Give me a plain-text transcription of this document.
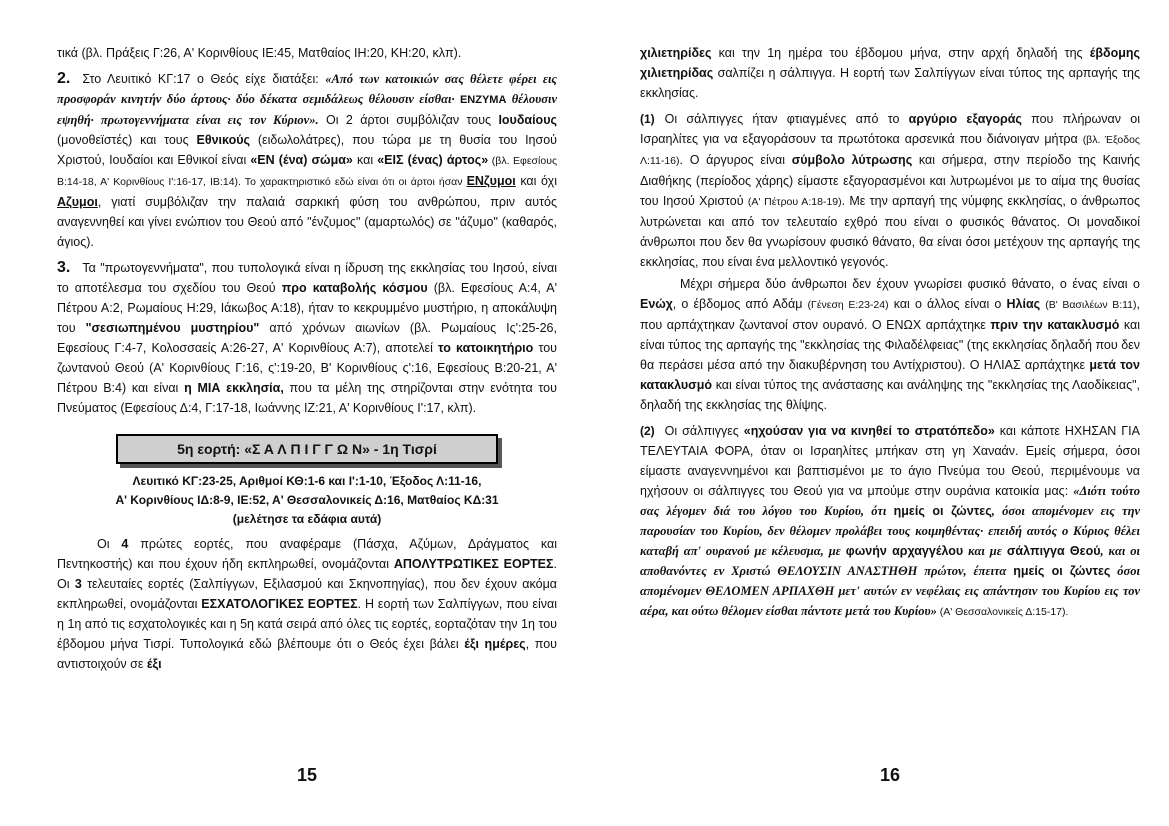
τικά (βλ. Πράξεις Γ:26, Α' Κορινθίους ΙΕ:45, Ματθαίος ΙΗ:20, ΚΗ:20, κλπ).

2. Στο Λευιτικό ΚΓ:17 ο Θεός είχε διατάξει: «Από των κατοικιών σας θέλετε φέρει εις προσφοράν κινητήν δύο άρτους· δύο δέκατα σεμιδάλεως θέλουσιν είσθαι· ΕΝΖΥΜΑ θέλουσιν εψηθή· πρωτογεννήματα είναι εις τον Κύριον». Οι 2 άρτοι συμβόλιζαν τους Ιουδαίους (μονοθεϊστές) και τους Εθνικούς (ειδωλολάτρες), που τώρα με τη θυσία του Ιησού Χριστού, Ιουδαίοι και Εθνικοί είναι «ΕΝ (ένα) σώμα» και «ΕΙΣ (ένας) άρτος» (βλ. Εφεσίους Β:14-18, Α' Κορινθίους Ι':16-17, ΙΒ:14). Το χαρακτηριστικό εδώ είναι ότι οι άρτοι ήσαν ΕΝζυμοι και όχι Αζυμοι, γιατί συμβόλιζαν την παλαιά σαρκική φύση του ανθρώπου, πριν αυτός αναγεννηθεί και γίνει ενώπιον του Θεού από "ένζυμος" (αμαρτωλός) σε "άζυμο" (καθαρός, άγιος).

3. Τα "πρωτογεννήματα", που τυπολογικά είναι η ίδρυση της εκκλησίας του Ιησού, είναι το αποτέλεσμα του σχεδίου του Θεού προ καταβολής κόσμου (βλ. Εφεσίους Α:4, Α' Πέτρου Α:2, Ρωμαίους Η:29, Ιάκωβος Α:18), ήταν το κεκρυμμένο μυστήριο, η αποκάλυψη του "σεσιωπημένου μυστηρίου" από χρόνων αιωνίων (βλ. Ρωμαίους Ις':25-26, Εφεσίους Γ:4-7, Κολοσσαείς Α:26-27, Α' Κορινθίους Α:7), αποτελεί το κατοικητήριο του ζωντανού Θεού (Α' Κορινθίους Γ:16, ς':19-20, Β' Κορινθίους ς':16, Εφεσίους Β:20-21, Α' Πέτρου Β:4) και είναι η ΜΙΑ εκκλησία, που τα μέλη της στηρίζονται στην ενότητα του Πνεύματος (Εφεσίους Δ:4, Γ:17-18, Ιωάννης ΙΖ:21, Α' Κορινθίους Ι':17, κλπ).

5η εορτή: «Σ Α Λ Π Ι Γ Γ Ω Ν» - 1η Τισρί
Λευιτικό ΚΓ:23-25, Αριθμοί ΚΘ:1-6 και Ι':1-10, Έξοδος Λ:11-16,
Α' Κορινθίους ΙΔ:8-9, ΙΕ:52, Α' Θεσσαλονικείς Δ:16, Ματθαίος ΚΔ:31
(μελέτησε τα εδάφια αυτά)

Οι 4 πρώτες εορτές, που αναφέραμε (Πάσχα, Αζύμων, Δράγματος και Πεντηκοστής) και που έχουν ήδη εκπληρωθεί, ονομάζονται ΑΠΟΛΥΤΡΩΤΙΚΕΣ ΕΟΡΤΕΣ. Οι 3 τελευταίες εορτές (Σαλπίγγων, Εξιλασμού και Σκηνοπηγίας), που δεν έχουν ακόμα εκπληρωθεί, ονομάζονται ΕΣΧΑΤΟΛΟΓΙΚΕΣ ΕΟΡΤΕΣ. Η εορτή των Σαλπίγγων, που είναι η 1η από τις εσχατολογικές και η 5η κατά σειρά από όλες τις εορτές, εορταζόταν την 1η του έβδομου μήνα Τισρί. Τυπολογικά εδώ βλέπουμε ότι ο Θεός έχει βάλει έξι ημέρες, που αντιστοιχούν σε έξι

15

χιλιετηρίδες και την 1η ημέρα του έβδομου μήνα, στην αρχή δηλαδή της έβδομης χιλιετηρίδας σαλπίζει η σάλπιγγα. Η εορτή των Σαλπίγγων είναι τύπος της αρπαγής της εκκλησίας.

(1) Οι σάλπιγγες ήταν φτιαγμένες από το αργύριο εξαγοράς που πλήρωναν οι Ισραηλίτες για να εξαγοράσουν τα πρωτότοκα αρσενικά που διάνοιγαν μήτρα (βλ. Έξοδος Λ:11-16). Ο άργυρος είναι σύμβολο λύτρωσης και σήμερα, στην περίοδο της Καινής Διαθήκης (περίοδος χάρης) είμαστε εξαγορασμένοι και λυτρωμένοι με το αίμα της θυσίας του Ιησού Χριστού (Α' Πέτρου Α:18-19). Με την αρπαγή της νύμφης εκκλησίας, ο άνθρωπος λυτρώνεται και από τον τελευταίο εχθρό που είναι ο φυσικός θάνατος. Οι μοναδικοί άνθρωποι που δεν θα γνωρίσουν φυσικό θάνατο, θα είναι όσοι μετέχουν της αρπαγής της εκκλησίας, που είναι ένα μελλοντικό γεγονός.

Μέχρι σήμερα δύο άνθρωποι δεν έχουν γνωρίσει φυσικό θάνατο, ο ένας είναι ο Ενώχ, ο έβδομος από Αδάμ (Γένεση Ε:23-24) και ο άλλος είναι ο Ηλίας (Β' Βασιλέων Β:11), που αρπάχτηκαν ζωντανοί στον ουρανό. Ο ΕΝΩΧ αρπάχτηκε πριν την κατακλυσμό και είναι τύπος της αρπαγής της "εκκλησίας της Φιλαδέλφειας" (της εκκλησίας δηλαδή που δεν θα περάσει μέσα από την διακυβέρνηση του Αντίχριστου). Ο ΗΛΙΑΣ αρπάχτηκε μετά τον κατακλυσμό και είναι τύπος της ανάστασης και ανάληψης της "εκκλησίας της Λαοδίκειας", δηλαδή της εκκλησίας της θλίψης.

(2) Οι σάλπιγγες «ηχούσαν για να κινηθεί το στρατόπεδο» και κάποτε ΗΧΗΣΑΝ ΓΙΑ ΤΕΛΕΥΤΑΙΑ ΦΟΡΑ, όταν οι Ισραηλίτες μπήκαν στη γη Χαναάν. Εμείς σήμερα, όσοι είμαστε αναγεννημένοι και βαπτισμένοι με το άγιο Πνεύμα του Θεού, περιμένουμε να ηχήσουν οι σάλπιγγες του Θεού για να μπούμε στην ουράνια κατοικία μας: «Διότι τούτο σας λέγομεν διά του λόγου του Κυρίου, ότι ημείς οι ζώντες, όσοι απομένομεν εις την παρουσίαν του Κυρίου, δεν θέλομεν προλάβει τους κοιμηθέντας· επειδή αυτός ο Κύριος θέλει καταβή απ' ουρανού με κέλευσμα, με φωνήν αρχαγγέλου και με σάλπιγγα Θεού, και οι αποθανόντες εν Χριστώ ΘΕΛΟΥΣΙΝ ΑΝΑΣΤΗΘΗ πρώτον, έπειτα ημείς οι ζώντες όσοι απομένομεν ΘΕΛΟΜΕΝ ΑΡΠΑΧΘΗ μετ' αυτών εν νεφέλαις εις απάντησιν του Κυρίου εις τον αέρα, και ούτω θέλομεν είσθαι πάντοτε μετά του Κυρίου» (Α' Θεσσαλονικείς Δ:15-17).

16
